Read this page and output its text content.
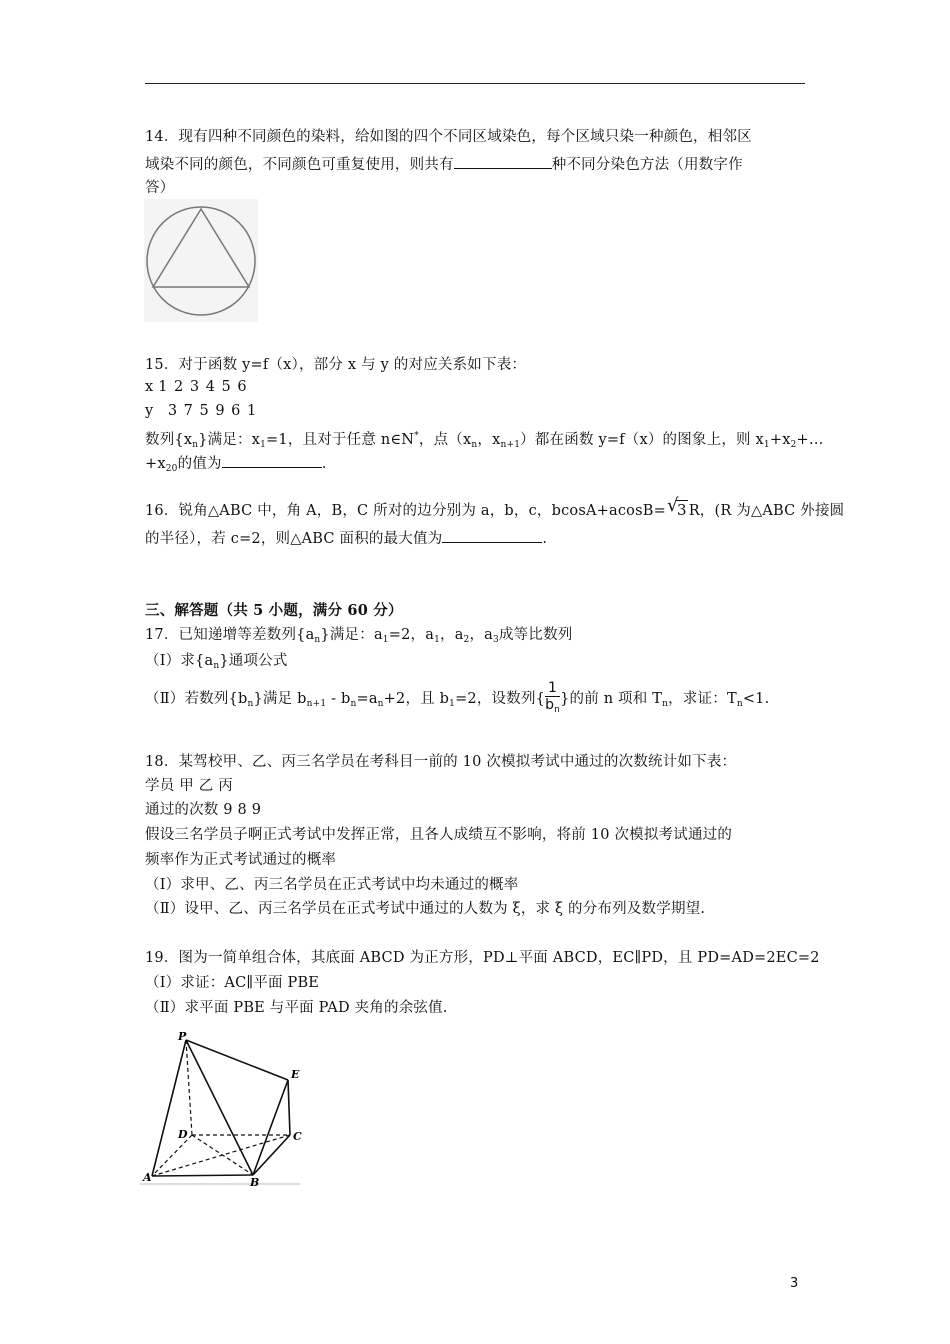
14．现有四种不同颜色的染料，给如图的四个不同区域染色，每个区域只染一种颜色，相邻区
域染不同的颜色，不同颜色可重复使用，则共有	种不同分染色方法（用数字作
答）
15．对于函数 y=f（x），部分 x 与 y 的对应关系如下表：
x 1 2 3 4 5 6
y 3 7 5 9 6 1
数列$\{x_n\}$满足：$x_1=1$，且对于任意 n∈N*，点（$x_n$，$x_{n+1}$）都在函数 y=f（x）的图象上，则 $x_1+x_2+\dots$
$+x_{20}$的值为	.
16．锐角△ABC 中，角 A，B，C 所对的边分别为 a，b，c，bcosA+acosB= √
3 R，(R 为△ABC 外接圆
的半径），若 c=2，则△ABC 面积的最大值为	.
三、解答题（共 5 小题，满分 60 分）
17．已知递增等差数列$\{a_n\}$满足：$a_1=2$，$a_1$，$a_2$，$a_3$成等比数列
（Ⅰ）求$\{a_n\}$通项公式
（Ⅱ）若数列$\{b_n\}$满足 $b_{n+1} - b_n=a_n+2$，且 $b_1=2$，设数列{ $\frac{1}{b_n}$ }的前 n 项和 $T_n$，求证：$T_n<1$.
18．某驾校甲、乙、丙三名学员在考科目一前的 10 次模拟考试中通过的次数统计如下表：
学员 甲 乙 丙
通过的次数 9 8 9
假设三名学员子啊正式考试中发挥正常，且各人成绩互不影响，将前 10 次模拟考试通过的
频率作为正式考试通过的概率
（Ⅰ）求甲、乙、丙三名学员在正式考试中均未通过的概率
（Ⅱ）设甲、乙、丙三名学员在正式考试中通过的人数为 ξ，求 ξ 的分布列及数学期望.
19．图为一简单组合体，其底面 ABCD 为正方形，PD⊥平面 ABCD，EC∥PD，且 PD=AD=2EC=2
（Ⅰ）求证：AC∥平面 PBE
（Ⅱ）求平面 PBE 与平面 PAD 夹角的余弦值.
P
E
D	C
A	B
3
